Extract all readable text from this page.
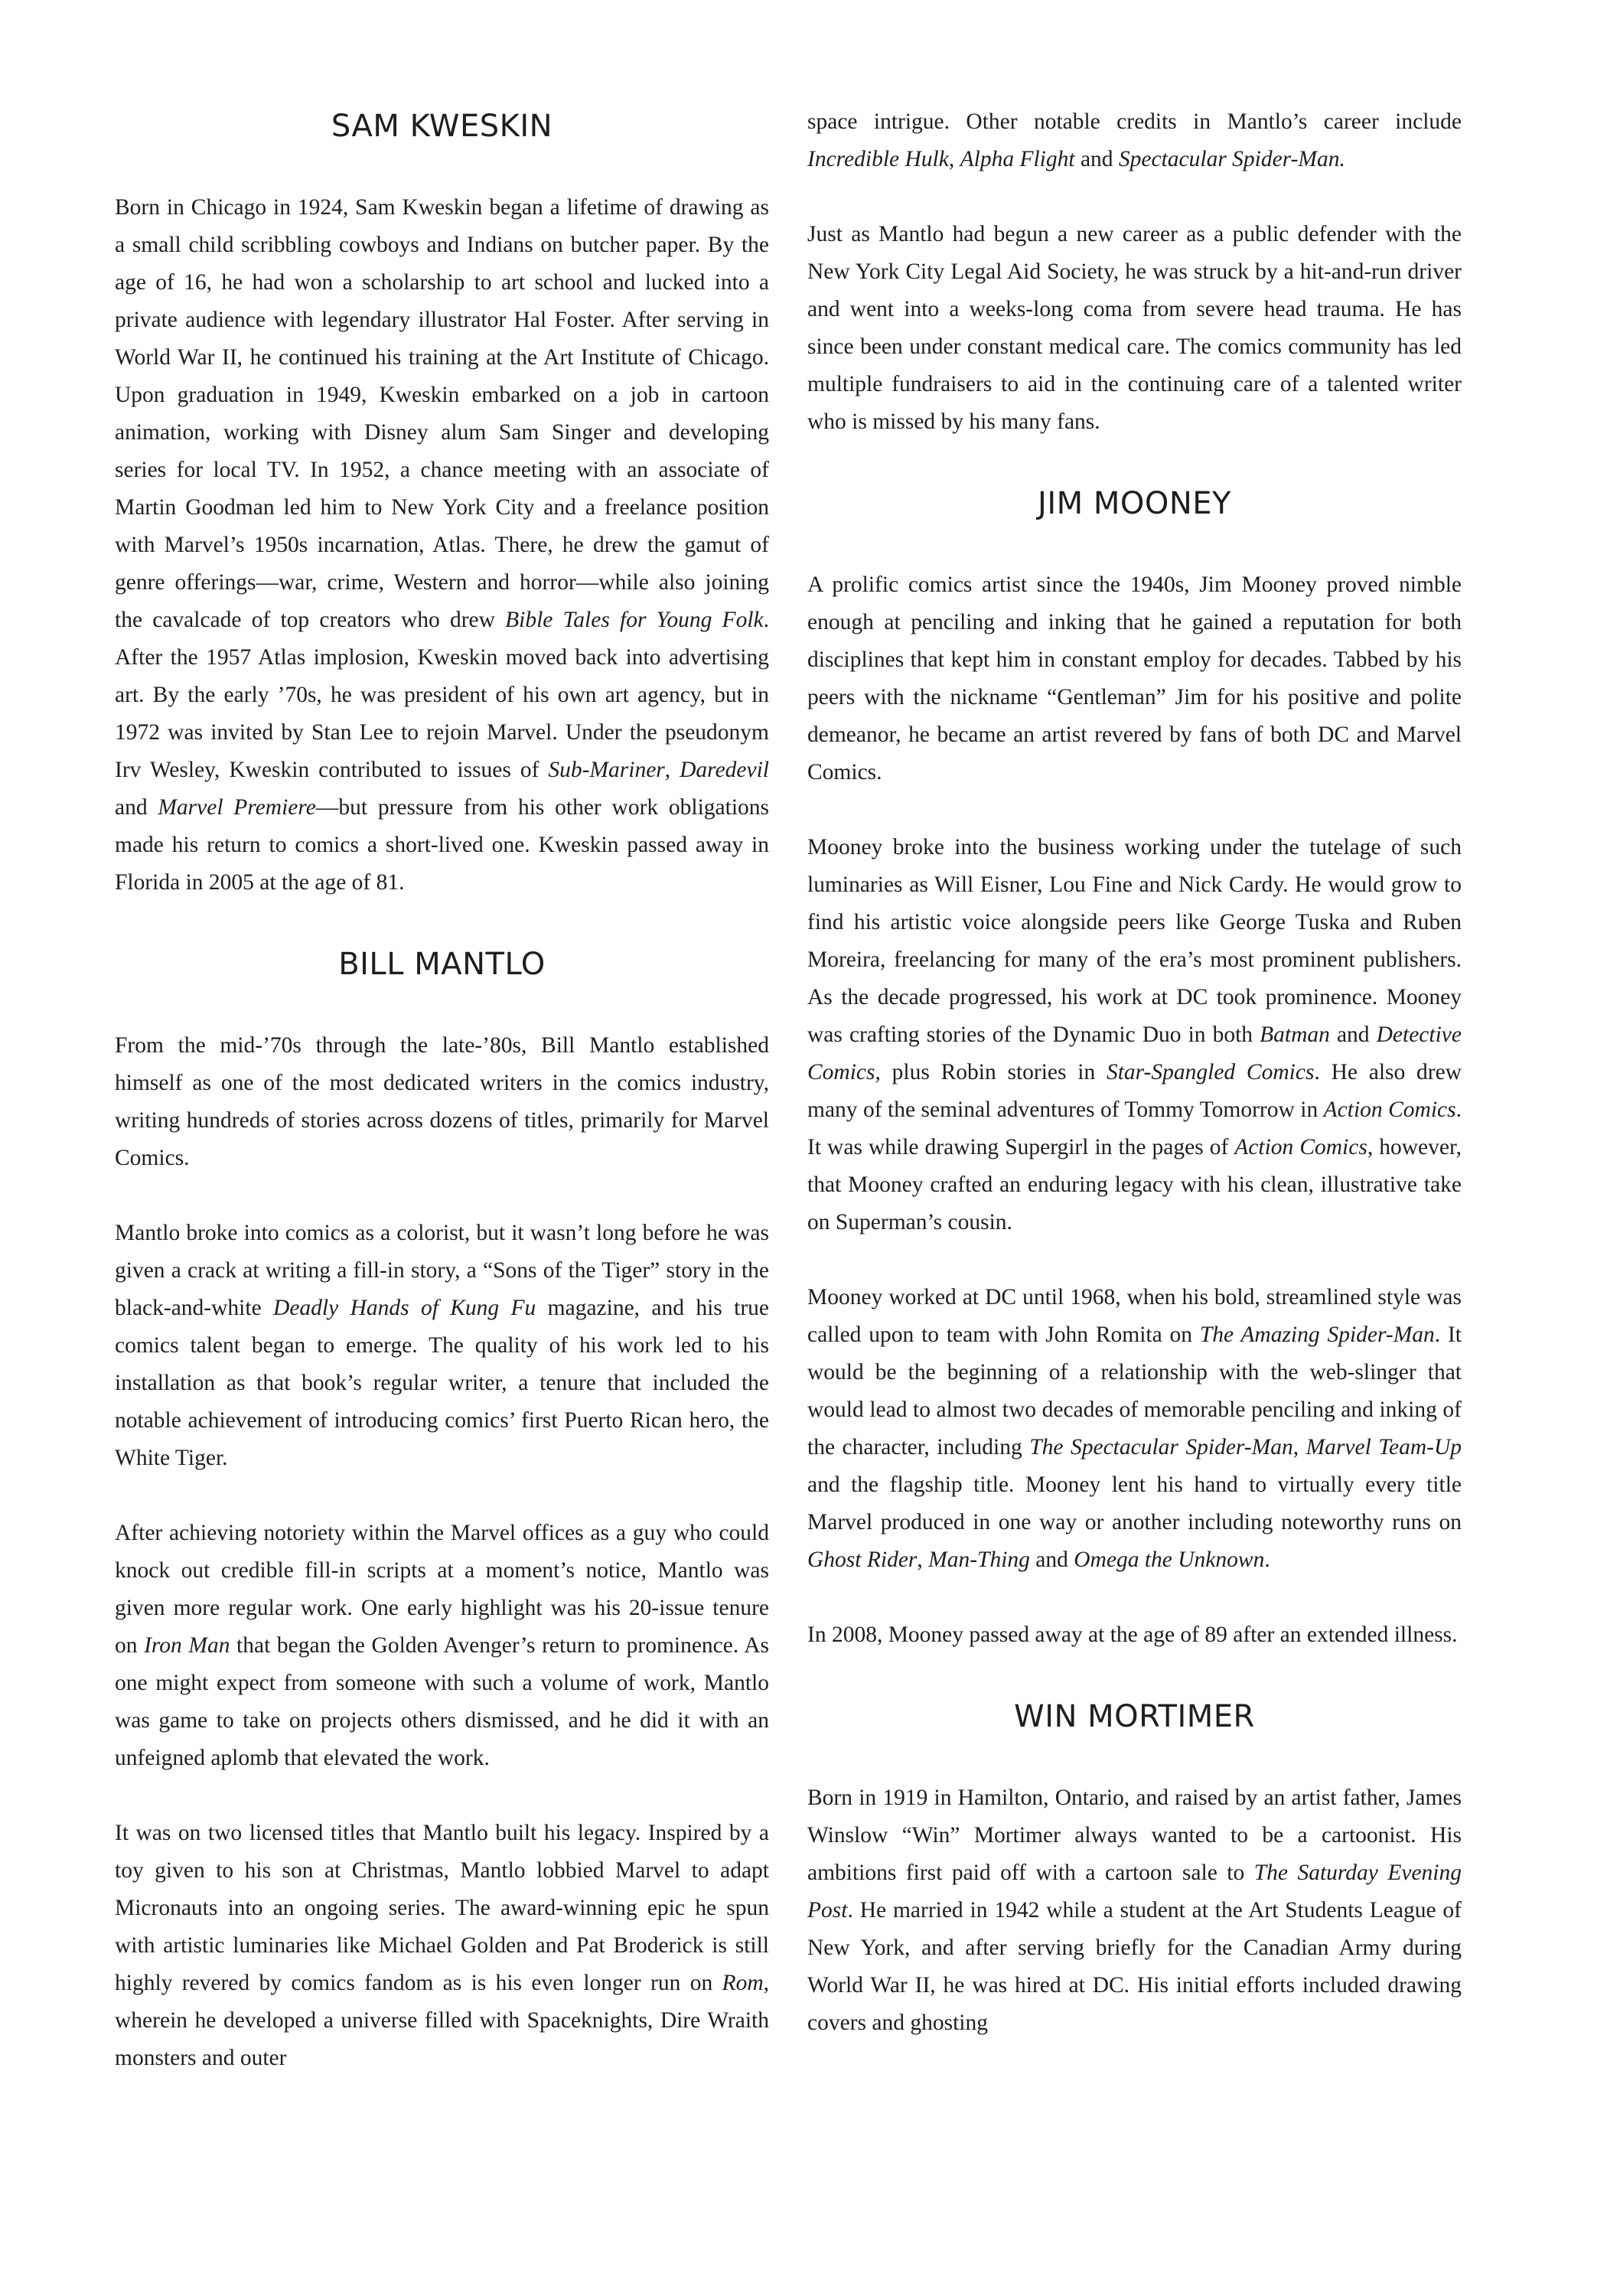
SAM KWESKIN

Born in Chicago in 1924, Sam Kweskin began a lifetime of drawing as a small child scribbling cowboys and Indians on butcher paper. By the age of 16, he had won a scholarship to art school and lucked into a private audience with legendary illustrator Hal Foster. After serving in World War II, he continued his training at the Art Institute of Chicago. Upon graduation in 1949, Kweskin embarked on a job in cartoon animation, working with Disney alum Sam Singer and developing series for local TV. In 1952, a chance meeting with an associate of Martin Goodman led him to New York City and a freelance position with Marvel’s 1950s incarnation, Atlas. There, he drew the gamut of genre offerings—war, crime, Western and horror—while also joining the cavalcade of top creators who drew Bible Tales for Young Folk. After the 1957 Atlas implosion, Kweskin moved back into advertising art. By the early ’70s, he was president of his own art agency, but in 1972 was invited by Stan Lee to rejoin Marvel. Under the pseudonym Irv Wesley, Kweskin contributed to issues of Sub-Mariner, Daredevil and Marvel Premiere—but pressure from his other work obligations made his return to comics a short-lived one. Kweskin passed away in Florida in 2005 at the age of 81.

BILL MANTLO

From the mid-’70s through the late-’80s, Bill Mantlo established himself as one of the most dedicated writers in the comics industry, writing hundreds of stories across dozens of titles, primarily for Marvel Comics.

Mantlo broke into comics as a colorist, but it wasn’t long before he was given a crack at writing a fill-in story, a “Sons of the Tiger” story in the black-and-white Deadly Hands of Kung Fu magazine, and his true comics talent began to emerge. The quality of his work led to his installation as that book’s regular writer, a tenure that included the notable achievement of introducing comics’ first Puerto Rican hero, the White Tiger.

After achieving notoriety within the Marvel offices as a guy who could knock out credible fill-in scripts at a moment’s notice, Mantlo was given more regular work. One early highlight was his 20-issue tenure on Iron Man that began the Golden Avenger’s return to prominence. As one might expect from someone with such a volume of work, Mantlo was game to take on projects others dismissed, and he did it with an unfeigned aplomb that elevated the work.

It was on two licensed titles that Mantlo built his legacy. Inspired by a toy given to his son at Christmas, Mantlo lobbied Marvel to adapt Micronauts into an ongoing series. The award-winning epic he spun with artistic luminaries like Michael Golden and Pat Broderick is still highly revered by comics fandom as is his even longer run on Rom, wherein he developed a universe filled with Spaceknights, Dire Wraith monsters and outer

space intrigue. Other notable credits in Mantlo’s career include Incredible Hulk, Alpha Flight and Spectacular Spider-Man.

Just as Mantlo had begun a new career as a public defender with the New York City Legal Aid Society, he was struck by a hit-and-run driver and went into a weeks-long coma from severe head trauma. He has since been under constant medical care. The comics community has led multiple fundraisers to aid in the continuing care of a talented writer who is missed by his many fans.

JIM MOONEY

A prolific comics artist since the 1940s, Jim Mooney proved nimble enough at penciling and inking that he gained a reputation for both disciplines that kept him in constant employ for decades. Tabbed by his peers with the nickname “Gentleman” Jim for his positive and polite demeanor, he became an artist revered by fans of both DC and Marvel Comics.

Mooney broke into the business working under the tutelage of such luminaries as Will Eisner, Lou Fine and Nick Cardy. He would grow to find his artistic voice alongside peers like George Tuska and Ruben Moreira, freelancing for many of the era’s most prominent publishers. As the decade progressed, his work at DC took prominence. Mooney was crafting stories of the Dynamic Duo in both Batman and Detective Comics, plus Robin stories in Star-Spangled Comics. He also drew many of the seminal adventures of Tommy Tomorrow in Action Comics. It was while drawing Supergirl in the pages of Action Comics, however, that Mooney crafted an enduring legacy with his clean, illustrative take on Superman’s cousin.

Mooney worked at DC until 1968, when his bold, streamlined style was called upon to team with John Romita on The Amazing Spider-Man. It would be the beginning of a relationship with the web-slinger that would lead to almost two decades of memorable penciling and inking of the character, including The Spectacular Spider-Man, Marvel Team-Up and the flagship title. Mooney lent his hand to virtually every title Marvel produced in one way or another including noteworthy runs on Ghost Rider, Man-Thing and Omega the Unknown.

In 2008, Mooney passed away at the age of 89 after an extended illness.

WIN MORTIMER

Born in 1919 in Hamilton, Ontario, and raised by an artist father, James Winslow “Win” Mortimer always wanted to be a cartoonist. His ambitions first paid off with a cartoon sale to The Saturday Evening Post. He married in 1942 while a student at the Art Students League of New York, and after serving briefly for the Canadian Army during World War II, he was hired at DC. His initial efforts included drawing covers and ghosting
